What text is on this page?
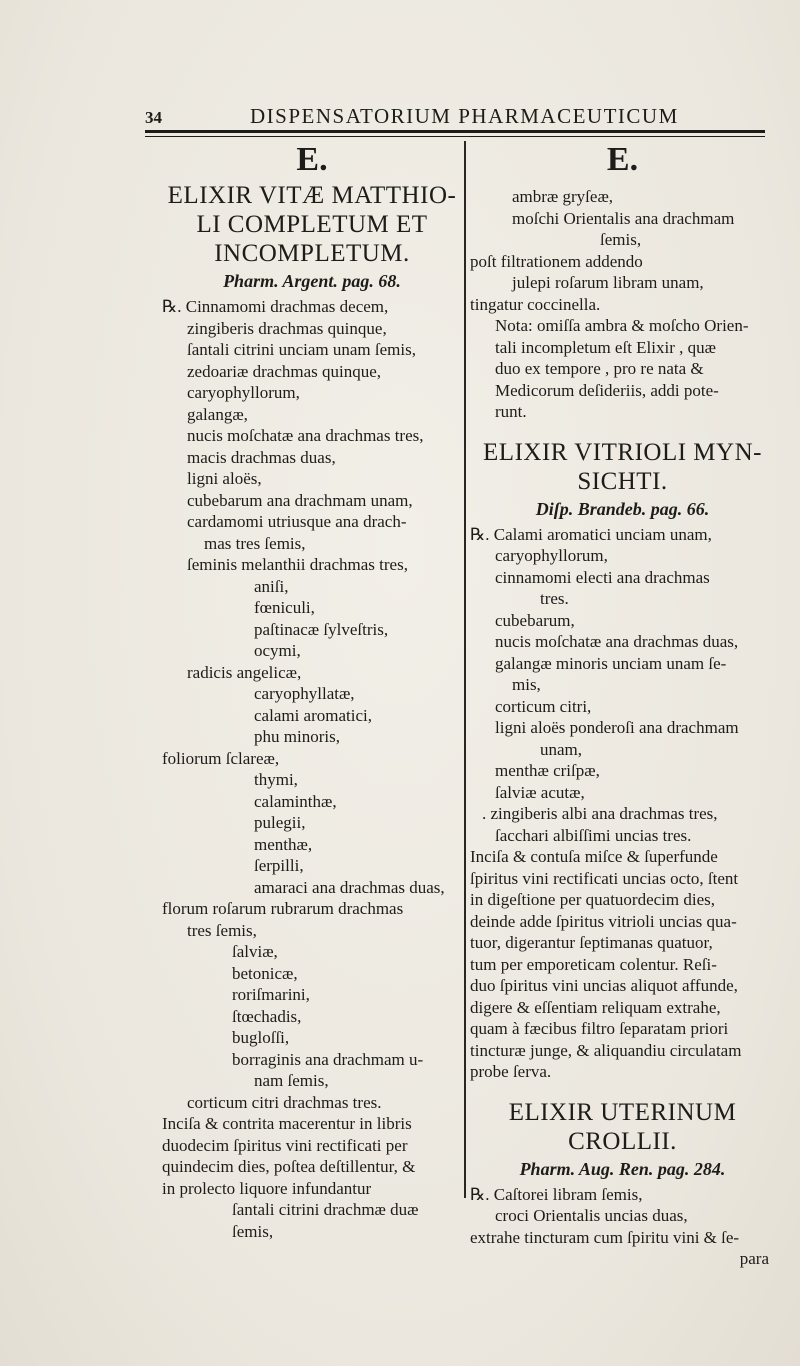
34	DISPENSATORIUM PHARMACEUTICUM
E.
ELIXIR VITÆ MATTHIO-
LI COMPLETUM ET
INCOMPLETUM.
Pharm. Argent. pag. 68.
℞. Cinnamomi drachmas decem,
zingiberis drachmas quinque,
ſantali citrini unciam unam ſemis,
zedoariæ drachmas quinque,
caryophyllorum,
galangæ,
nucis moſchatæ ana drachmas tres,
macis drachmas duas,
ligni aloës,
cubebarum ana drachmam unam,
cardamomi utriusque ana drach-
mas tres ſemis,
ſeminis melanthii drachmas tres,
aniſi,
fœniculi,
paſtinacæ ſylveſtris,
ocymi,
radicis angelicæ,
caryophyllatæ,
calami aromatici,
phu minoris,
foliorum ſclareæ,
thymi,
calaminthæ,
pulegii,
menthæ,
ſerpilli,
amaraci ana drachmas duas,
florum roſarum rubrarum drachmas
tres ſemis,
ſalviæ,
betonicæ,
roriſmarini,
ſtœchadis,
bugloſſi,
borraginis ana drachmam u-
nam ſemis,
corticum citri drachmas tres.
Inciſa & contrita macerentur in libris
duodecim ſpiritus vini rectificati per
quindecim dies, poſtea deſtillentur, &
in prolecto liquore infundantur
ſantali citrini drachmæ duæ
ſemis,
E.
ambræ gryſeæ,
moſchi Orientalis ana drachmam
ſemis,
poſt filtrationem addendo
julepi roſarum libram unam,
tingatur coccinella.
Nota: omiſſa ambra & moſcho Orien-
tali incompletum eſt Elixir , quæ
duo ex tempore , pro re nata &
Medicorum deſideriis, addi pote-
runt.
ELIXIR VITRIOLI MYN-
SICHTI.
Diſp. Brandeb. pag. 66.
℞. Calami aromatici unciam unam,
caryophyllorum,
cinnamomi electi ana drachmas
tres.
cubebarum,
nucis moſchatæ ana drachmas duas,
galangæ minoris unciam unam ſe-
mis,
corticum citri,
ligni aloës ponderoſi ana drachmam
unam,
menthæ criſpæ,
ſalviæ acutæ,
. zingiberis albi ana drachmas tres,
ſacchari albiſſimi uncias tres.
Inciſa & contuſa miſce & ſuperfunde
ſpiritus vini rectificati uncias octo, ſtent
in digeſtione per quatuordecim dies,
deinde adde ſpiritus vitrioli uncias qua-
tuor, digerantur ſeptimanas quatuor,
tum per emporeticam colentur. Reſi-
duo ſpiritus vini uncias aliquot affunde,
digere & eſſentiam reliquam extrahe,
quam à fæcibus filtro ſeparatam priori
tincturæ junge, & aliquandiu circulatam
probe ſerva.
ELIXIR UTERINUM
CROLLII.
Pharm. Aug. Ren. pag. 284.
℞. Caſtorei libram ſemis,
croci Orientalis uncias duas,
extrahe tincturam cum ſpiritu vini & ſe-
para
